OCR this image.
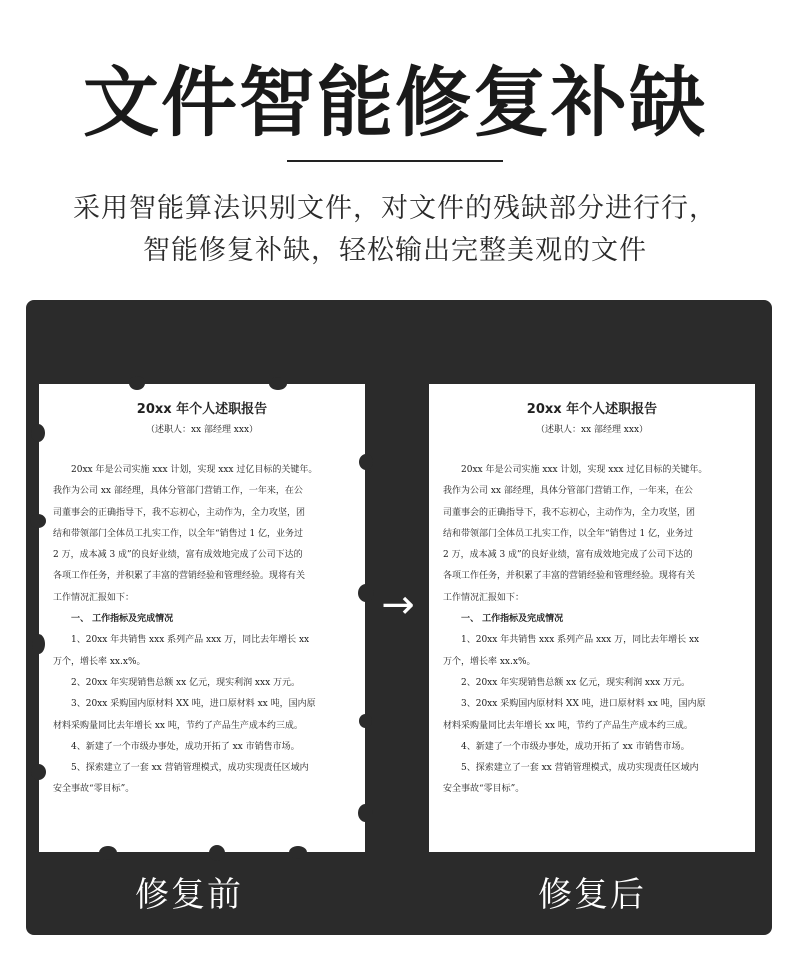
文件智能修复补缺
采用智能算法识别文件，对文件的残缺部分进行行，
智能修复补缺，轻松输出完整美观的文件
20xx 年个人述职报告
（述职人：xx 部经理 xxx）

20xx 年是公司实施 xxx 计划，实现 xxx 过亿目标的关键年。

我作为公司 xx 部经理，具体分管部门营销工作，一年来，在公

司董事会的正确指导下，我不忘初心，主动作为，全力攻坚，团

结和带领部门全体员工扎实工作，以全年“销售过 1 亿，业务过

2 万，成本减 3 成”的良好业绩，富有成效地完成了公司下达的

各项工作任务，并积累了丰富的营销经验和管理经验。现将有关

工作情况汇报如下：

一、 工作指标及完成情况

1、20xx 年共销售 xxx 系列产品 xxx 万，同比去年增长 xx

万个，增长率 xx.x%。

2、20xx 年实现销售总额 xx 亿元，现实利润 xxx 万元。

3、20xx 采购国内原材料 XX 吨，进口原材料 xx 吨，国内原

材料采购量同比去年增长 xx 吨，节约了产品生产成本约三成。

4、新建了一个市级办事处，成功开拓了 xx 市销售市场。

5、探索建立了一套 xx 营销管理模式，成功实现责任区域内

安全事故“零目标”。

→
20xx 年个人述职报告
（述职人：xx 部经理 xxx）

20xx 年是公司实施 xxx 计划，实现 xxx 过亿目标的关键年。

我作为公司 xx 部经理，具体分管部门营销工作，一年来，在公

司董事会的正确指导下，我不忘初心，主动作为，全力攻坚，团

结和带领部门全体员工扎实工作，以全年“销售过 1 亿，业务过

2 万，成本减 3 成”的良好业绩，富有成效地完成了公司下达的

各项工作任务，并积累了丰富的营销经验和管理经验。现将有关

工作情况汇报如下：

一、 工作指标及完成情况

1、20xx 年共销售 xxx 系列产品 xxx 万，同比去年增长 xx

万个，增长率 xx.x%。

2、20xx 年实现销售总额 xx 亿元，现实利润 xxx 万元。

3、20xx 采购国内原材料 XX 吨，进口原材料 xx 吨，国内原

材料采购量同比去年增长 xx 吨，节约了产品生产成本约三成。

4、新建了一个市级办事处，成功开拓了 xx 市销售市场。

5、探索建立了一套 xx 营销管理模式，成功实现责任区域内

安全事故“零目标”。

修复前	修复后
